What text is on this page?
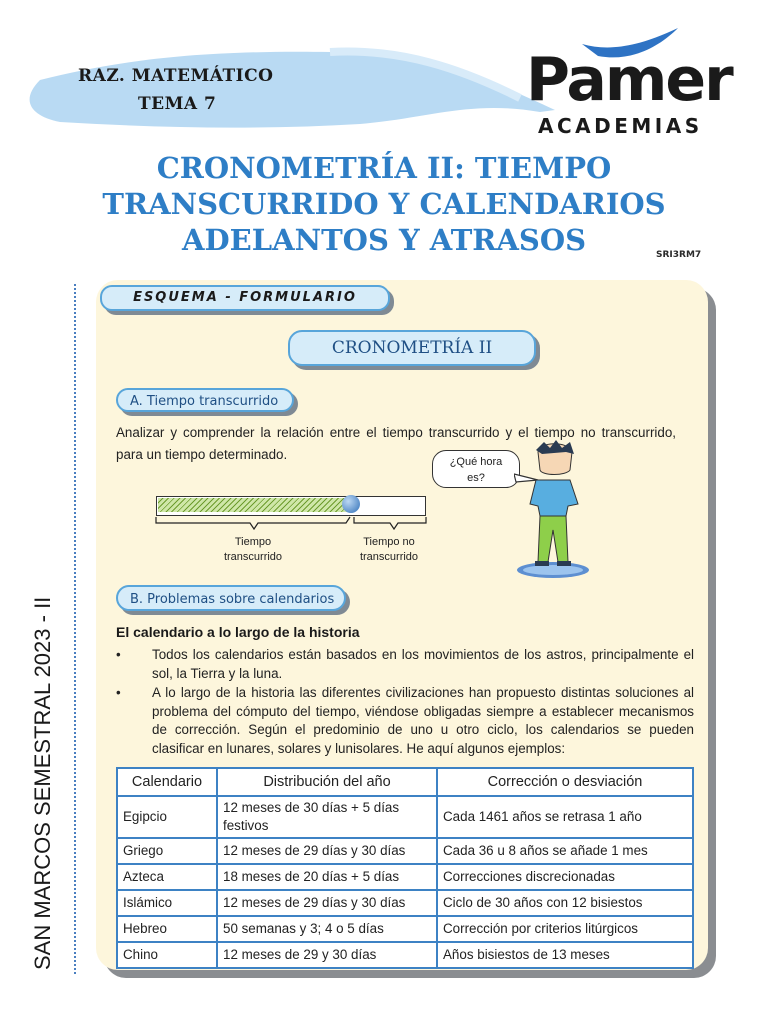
RAZ. MATEMÁTICO
TEMA 7	Pamer
ACADEMIAS
CRONOMETRÍA II: TIEMPO
TRANSCURRIDO Y CALENDARIOS
ADELANTOS Y ATRASOS	SRI3RM7
SAN MARCOS SEMESTRAL 2023 - II
ESQUEMA - FORMULARIO
CRONOMETRÍA II
A. Tiempo transcurrido
Analizar y comprender la relación entre el tiempo transcurrido y el tiempo no transcurrido, para un tiempo determinado.
Tiempo
transcurrido
Tiempo no
transcurrido
¿Qué hora
es?
B. Problemas sobre calendarios
El calendario a lo largo de la historia
• Todos los calendarios están basados en los movimientos de los astros, principalmente el sol, la Tierra y la luna.
• A lo largo de la historia las diferentes civilizaciones han propuesto distintas soluciones al problema del cómputo del tiempo, viéndose obligadas siempre a establecer mecanismos de corrección. Según el predominio de uno u otro ciclo, los calendarios se pueden clasificar en lunares, solares y lunisolares. He aquí algunos ejemplos:
Calendario	Distribución del año	Corrección o desviación
Egipcio	12 meses de 30 días + 5 días festivos	Cada 1461 años se retrasa 1 año
Griego	12 meses de 29 días y 30 días	Cada 36 u 8 años se añade 1 mes
Azteca	18 meses de 20 días + 5 días	Correcciones discrecionadas
Islámico	12 meses de 29 días y 30 días	Ciclo de 30 años con 12 bisiestos
Hebreo	50 semanas y 3; 4 o 5 días	Corrección por criterios litúrgicos
Chino	12 meses de 29 y 30 días	Años bisiestos de 13 meses
